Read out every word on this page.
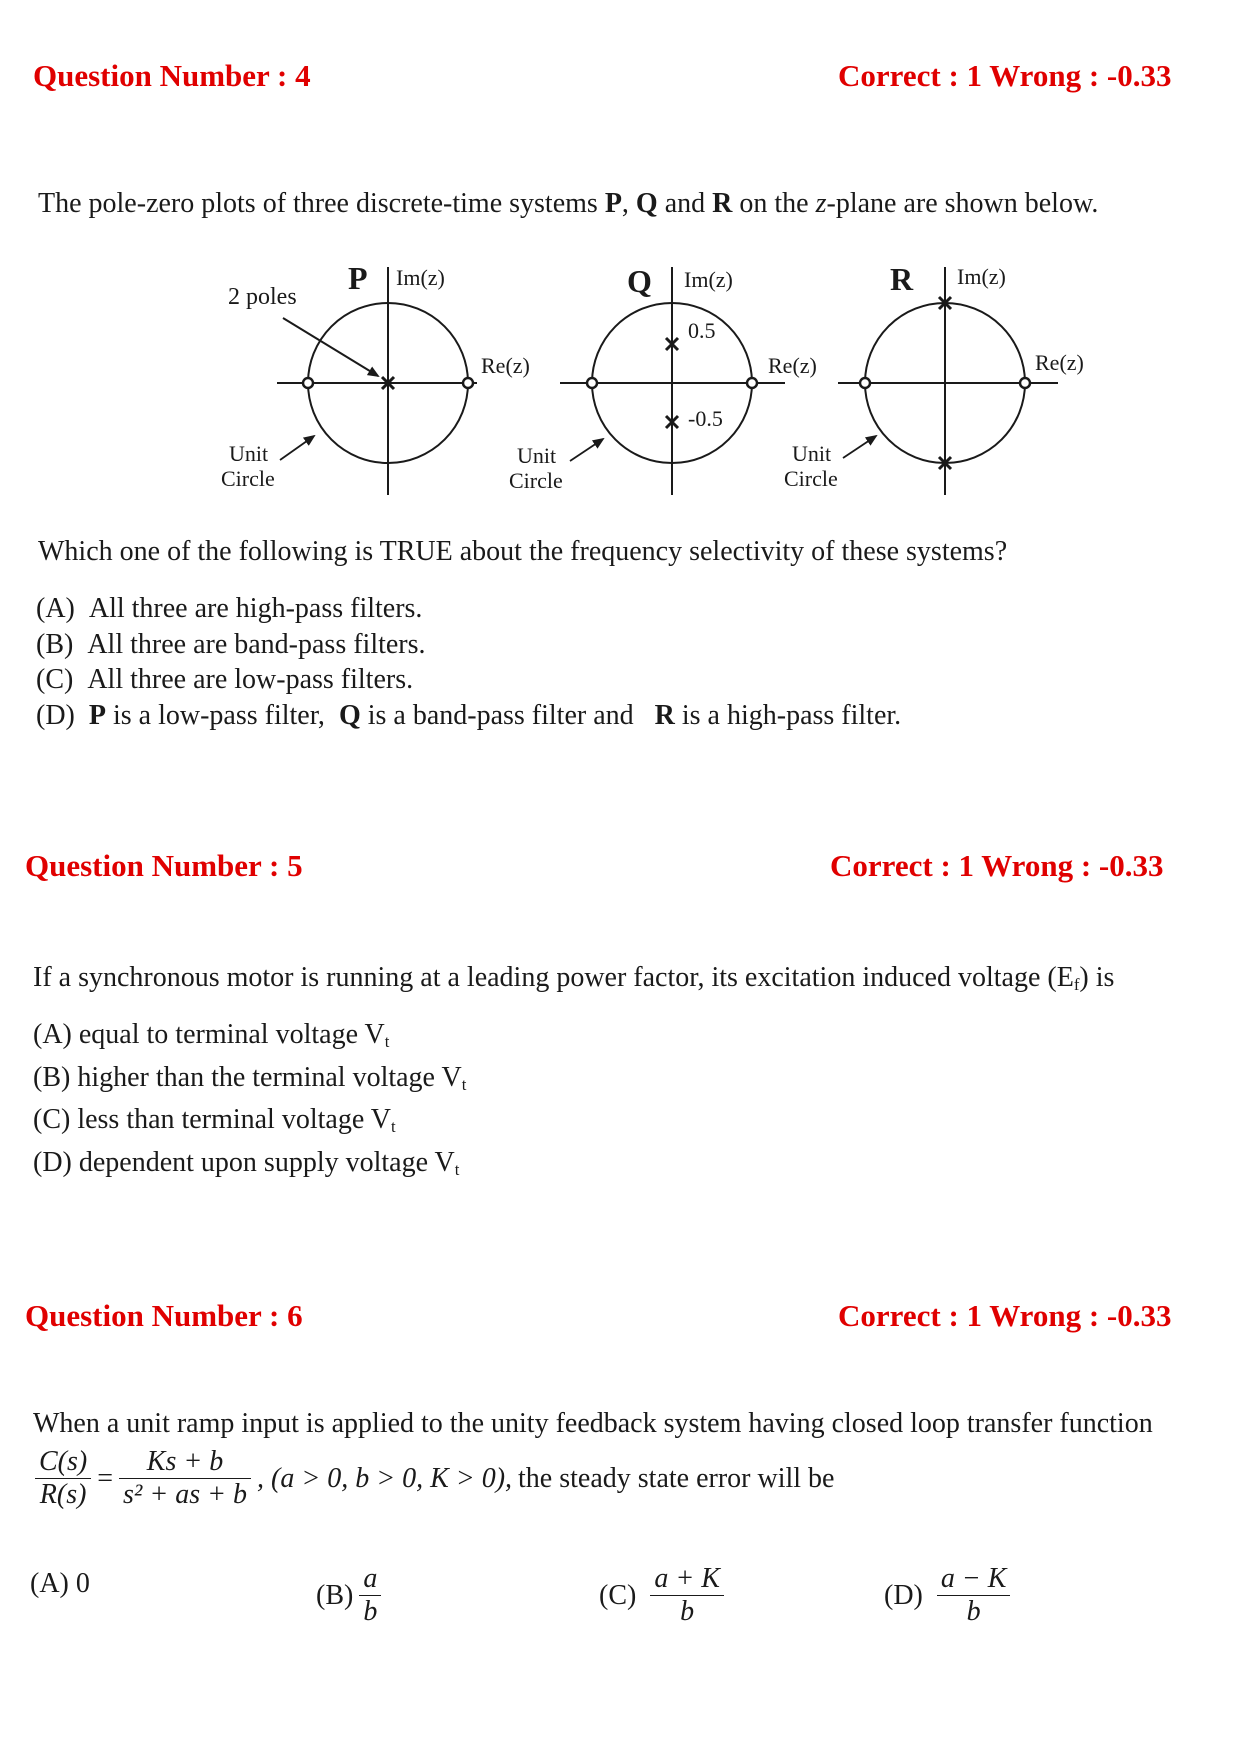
Question Number : 4	Correct : 1 Wrong : -0.33
The pole-zero plots of three discrete-time systems P, Q and R on the z-plane are shown below.
P Im(z)
Re(z)
2 poles
Unit
Circle
Q Im(z)
Re(z)
0.5
-0.5
Unit
Circle
R Im(z)
Re(z)
Unit
Circle
Which one of the following is TRUE about the frequency selectivity of these systems?
(A) All three are high-pass filters.
(B) All three are band-pass filters.
(C) All three are low-pass filters.
(D) P is a low-pass filter,  Q is a band-pass filter and   R is a high-pass filter.
Question Number : 5	Correct : 1 Wrong : -0.33
If a synchronous motor is running at a leading power factor, its excitation induced voltage $(E_f)$ is
(A) equal to terminal voltage $V_t$
(B) higher than the terminal voltage $V_t$
(C) less than terminal voltage $V_t$
(D) dependent upon supply voltage $V_t$
Question Number : 6	Correct : 1 Wrong : -0.33
When a unit ramp input is applied to the unity feedback system having closed loop transfer function
$\frac{C(s)}{R(s)} = \frac{Ks + b}{\text{s² + as + b}}$ , (a > 0, b > 0, K > 0), the steady state error will be
(A)
0	$(B) \frac{a}{b}$	$(C) \frac{a + K}{b}$	$(D) \frac{a - K}{b}$
